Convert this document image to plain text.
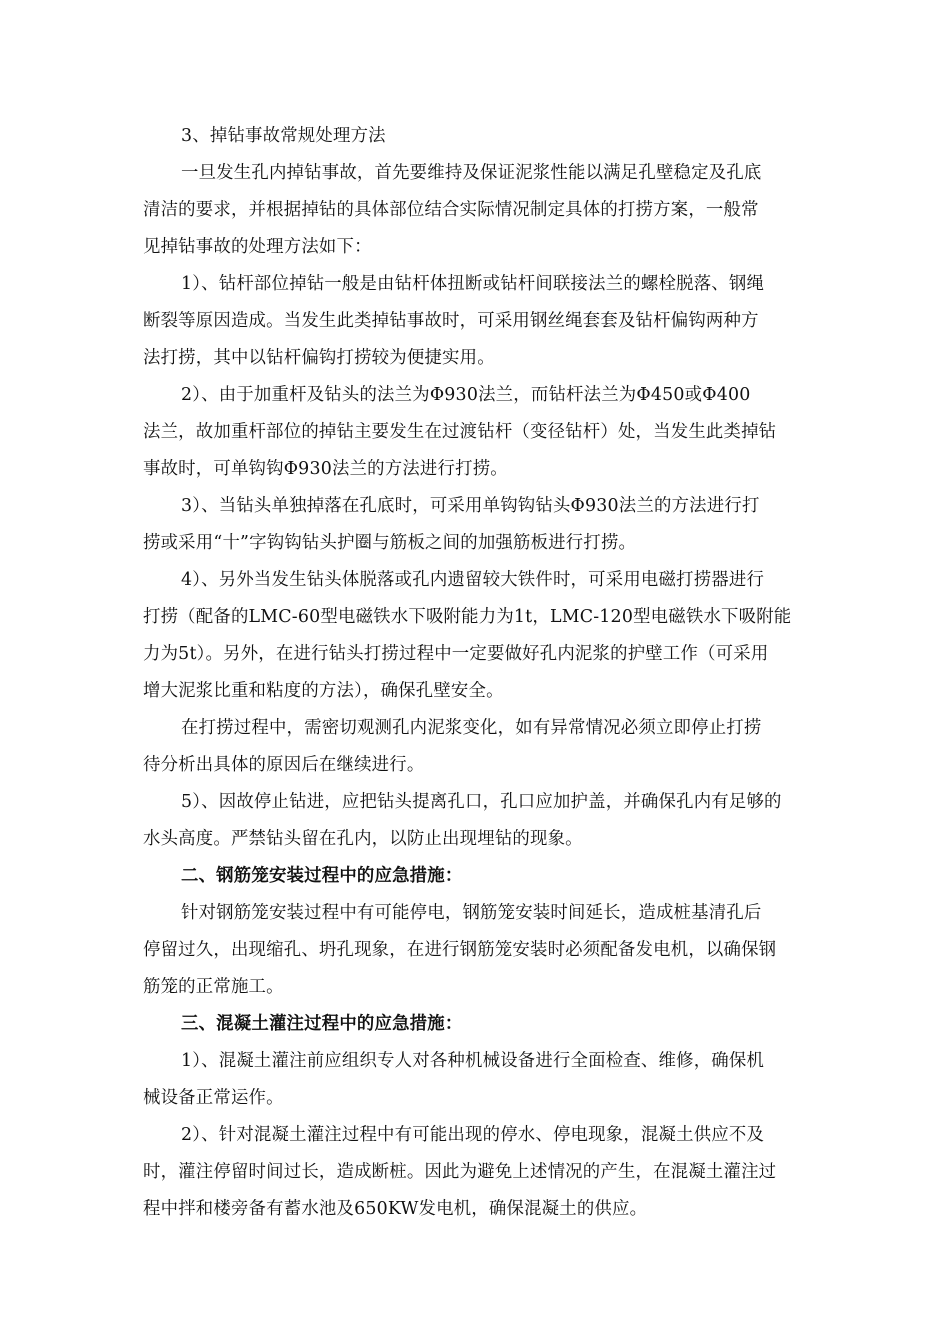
3、掉钻事故常规处理方法
一旦发生孔内掉钻事故，首先要维持及保证泥浆性能以满足孔壁稳定及孔底
清洁的要求，并根据掉钻的具体部位结合实际情况制定具体的打捞方案，一般常
见掉钻事故的处理方法如下：
1）、钻杆部位掉钻一般是由钻杆体扭断或钻杆间联接法兰的螺栓脱落、钢绳
断裂等原因造成。当发生此类掉钻事故时，可采用钢丝绳套套及钻杆偏钩两种方
法打捞，其中以钻杆偏钩打捞较为便捷实用。
2）、由于加重杆及钻头的法兰为Φ930法兰，而钻杆法兰为Φ450或Φ400
法兰，故加重杆部位的掉钻主要发生在过渡钻杆（变径钻杆）处，当发生此类掉钻
事故时，可单钩钩Φ930法兰的方法进行打捞。
3）、当钻头单独掉落在孔底时，可采用单钩钩钻头Φ930法兰的方法进行打
捞或采用“十”字钩钩钻头护圈与筋板之间的加强筋板进行打捞。
4）、另外当发生钻头体脱落或孔内遗留较大铁件时，可采用电磁打捞器进行
打捞（配备的LMC-60型电磁铁水下吸附能力为1t，LMC-120型电磁铁水下吸附能
力为5t）。另外，在进行钻头打捞过程中一定要做好孔内泥浆的护壁工作（可采用
增大泥浆比重和粘度的方法），确保孔壁安全。
在打捞过程中，需密切观测孔内泥浆变化，如有异常情况必须立即停止打捞
待分析出具体的原因后在继续进行。
5）、因故停止钻进，应把钻头提离孔口，孔口应加护盖，并确保孔内有足够的
水头高度。严禁钻头留在孔内，以防止出现埋钻的现象。
二、钢筋笼安装过程中的应急措施：
针对钢筋笼安装过程中有可能停电，钢筋笼安装时间延长，造成桩基清孔后
停留过久，出现缩孔、坍孔现象，在进行钢筋笼安装时必须配备发电机，以确保钢
筋笼的正常施工。
三、混凝土灌注过程中的应急措施：
1）、混凝土灌注前应组织专人对各种机械设备进行全面检查、维修，确保机
械设备正常运作。
2）、针对混凝土灌注过程中有可能出现的停水、停电现象，混凝土供应不及
时，灌注停留时间过长，造成断桩。因此为避免上述情况的产生，在混凝土灌注过
程中拌和楼旁备有蓄水池及650KW发电机，确保混凝土的供应。
